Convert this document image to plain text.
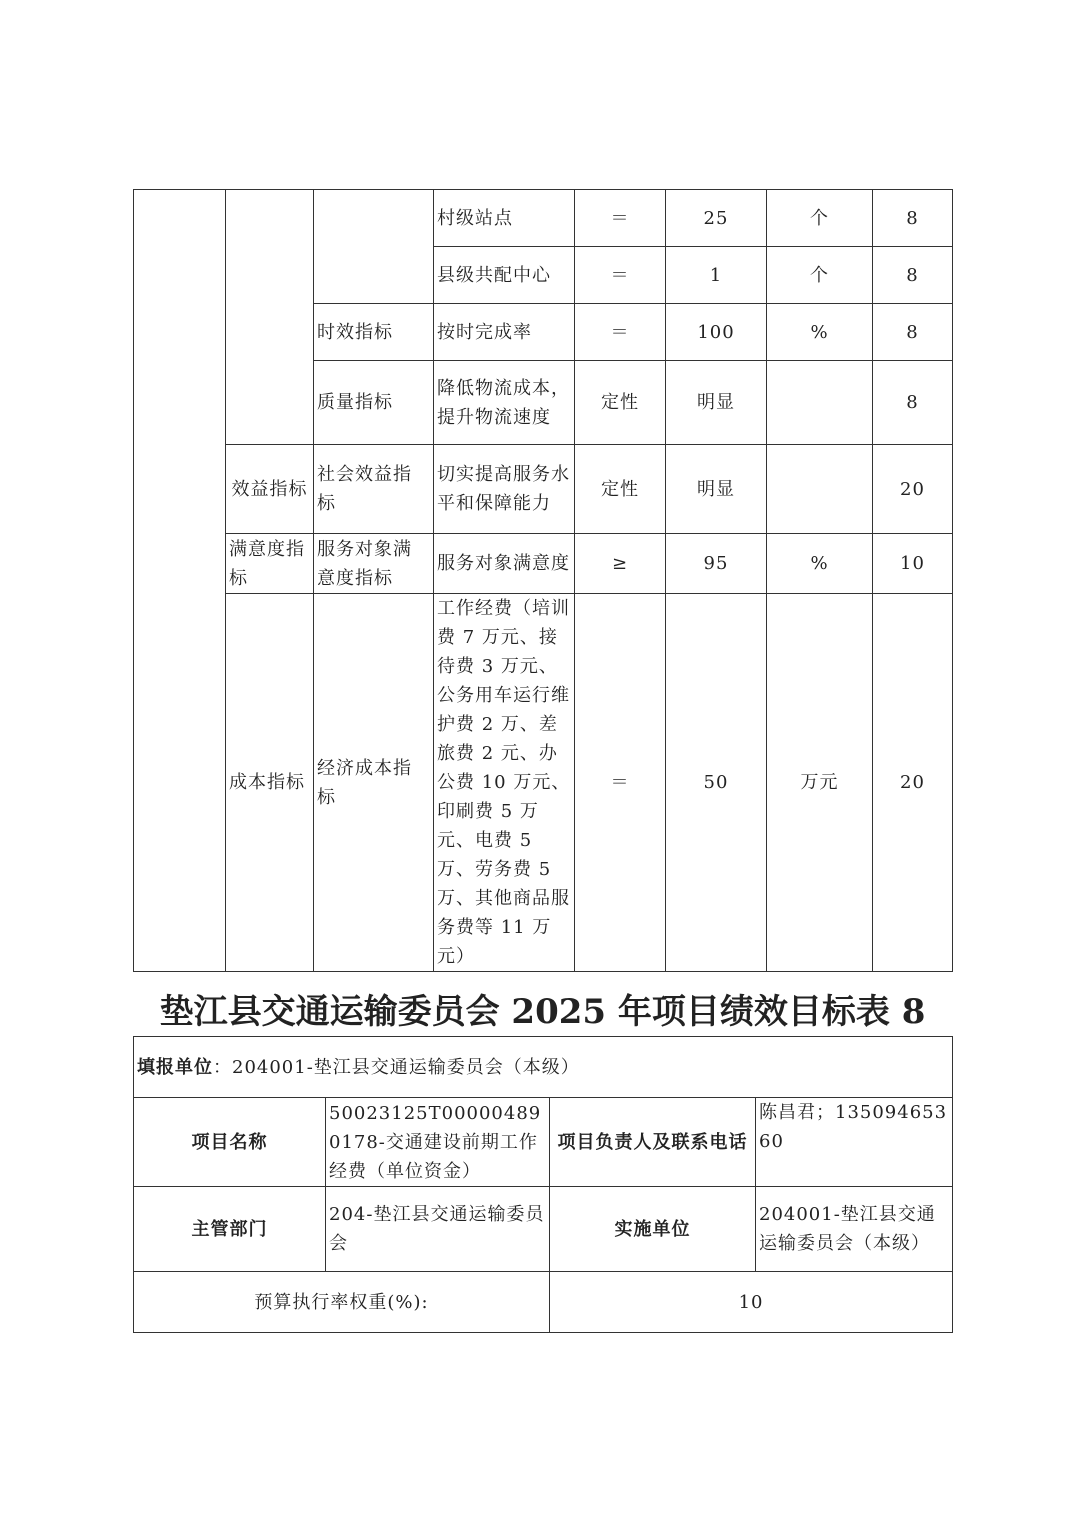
			村级站点	＝	25	个	8
			县级共配中心	＝	1	个	8
		时效指标	按时完成率	＝	100	%	8
		质量指标	降低物流成本，提升物流速度	定性	明显		8
	效益指标	社会效益指标	切实提高服务水平和保障能力	定性	明显		20
	满意度指标	服务对象满意度指标	服务对象满意度	≥	95	%	10
	成本指标	经济成本指标	工作经费（培训费 7 万元、接待费 3 万元、公务用车运行维护费 2 万、差旅费 2 元、办公费 10 万元、印刷费 5 万元、电费 5 万、劳务费 5 万、其他商品服务费等 11 万元）	＝	50	万元	20
垫江县交通运输委员会 2025 年项目绩效目标表 8
填报单位：204001-垫江县交通运输委员会（本级）			
项目名称	50023125T000004890178-交通建设前期工作经费（单位资金）	项目负责人及联系电话	陈昌君；13509465360
主管部门	204-垫江县交通运输委员会	实施单位	204001-垫江县交通运输委员会（本级）
预算执行率权重(%):		10	
